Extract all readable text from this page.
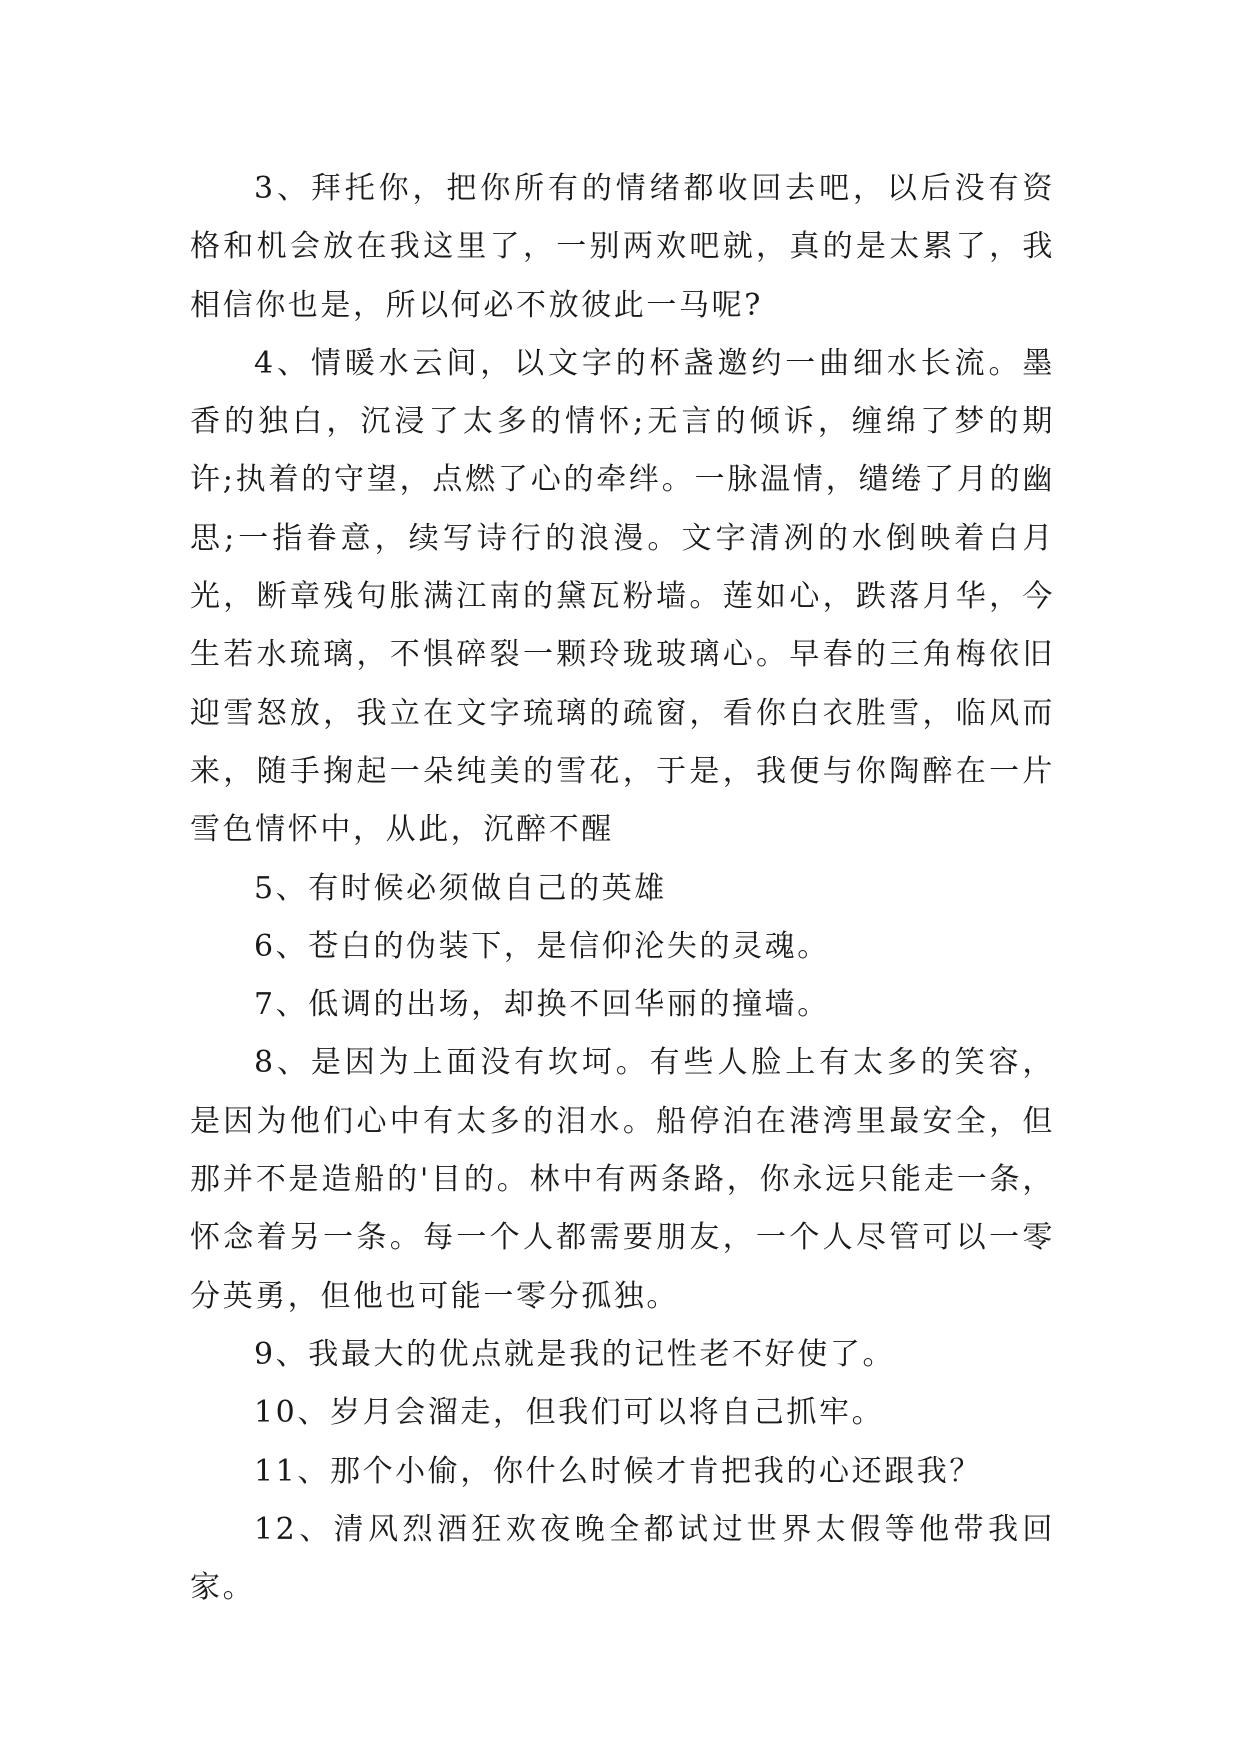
3、拜托你，把你所有的情绪都收回去吧，以后没有资格和机会放在我这里了，一别两欢吧就，真的是太累了，我相信你也是，所以何必不放彼此一马呢?

4、情暖水云间，以文字的杯盏邀约一曲细水长流。墨香的独白，沉浸了太多的情怀;无言的倾诉，缠绵了梦的期许;执着的守望，点燃了心的牵绊。一脉温情，缱绻了月的幽思;一指眷意，续写诗行的浪漫。文字清冽的水倒映着白月光，断章残句胀满江南的黛瓦粉墙。莲如心，跌落月华，今生若水琉璃，不惧碎裂一颗玲珑玻璃心。早春的三角梅依旧迎雪怒放，我立在文字琉璃的疏窗，看你白衣胜雪，临风而来，随手掬起一朵纯美的雪花，于是，我便与你陶醉在一片雪色情怀中，从此，沉醉不醒

5、有时候必须做自己的英雄

6、苍白的伪装下，是信仰沦失的灵魂。

7、低调的出场，却换不回华丽的撞墙。

8、是因为上面没有坎坷。有些人脸上有太多的笑容，是因为他们心中有太多的泪水。船停泊在港湾里最安全，但那并不是造船的'目的。林中有两条路，你永远只能走一条，怀念着另一条。每一个人都需要朋友，一个人尽管可以一零分英勇，但他也可能一零分孤独。

9、我最大的优点就是我的记性老不好使了。

10、岁月会溜走，但我们可以将自己抓牢。

11、那个小偷，你什么时候才肯把我的心还跟我？

12、清风烈酒狂欢夜晚全都试过世界太假等他带我回家。
